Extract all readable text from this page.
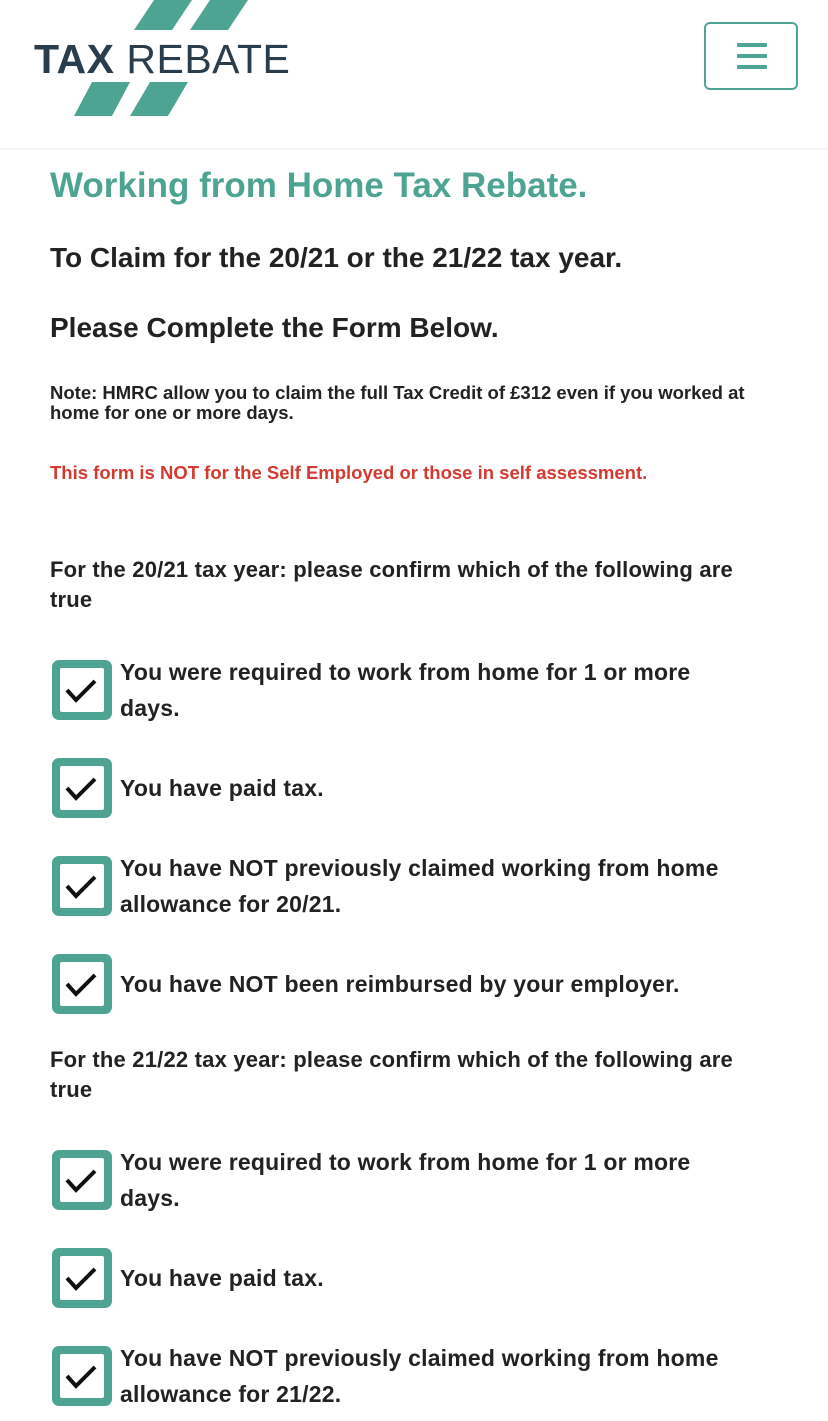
TAX REBATE
Working from Home Tax Rebate.
To Claim for the 20/21 or the 21/22 tax year.
Please Complete the Form Below.

Note: HMRC allow you to claim the full Tax Credit of £312 even if you worked at home for one or more days.

This form is NOT for the Self Employed or those in self assessment.

For the 20/21 tax year: please confirm which of the following are true

You were required to work from home for 1 or more days.
You have paid tax.
You have NOT previously claimed working from home allowance for 20/21.
You have NOT been reimbursed by your employer.

For the 21/22 tax year: please confirm which of the following are true

You were required to work from home for 1 or more days.
You have paid tax.
You have NOT previously claimed working from home allowance for 21/22.
